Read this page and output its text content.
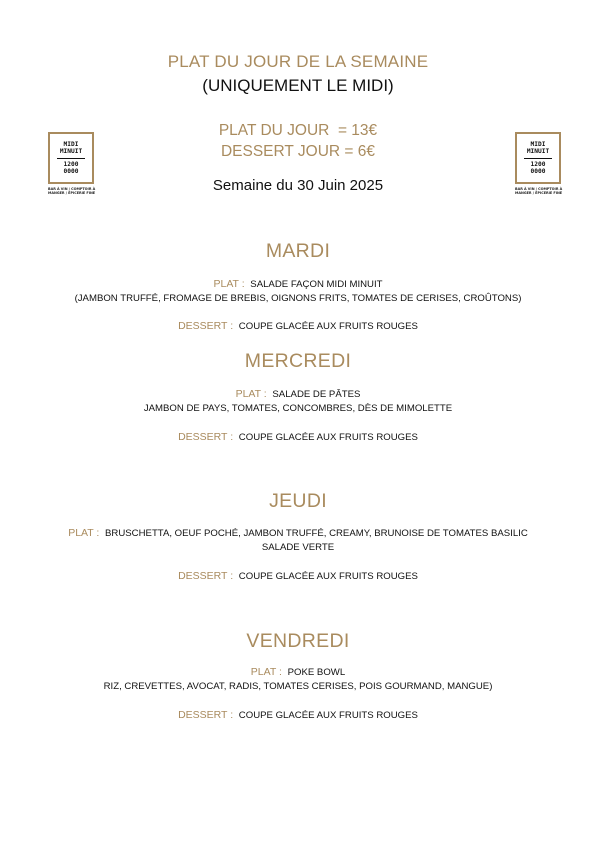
MIDI
MINUIT
1200
0000
BAR À VIN / COMPTOIR À
MANGER / ÉPICERIE FINE
MIDI
MINUIT
1200
0000
BAR À VIN / COMPTOIR À
MANGER / ÉPICERIE FINE
PLAT DU JOUR DE LA SEMAINE
(UNIQUEMENT LE MIDI)
PLAT DU JOUR  = 13€
DESSERT JOUR = 6€
Semaine du 30 Juin 2025
MARDI
PLAT : SALADE FAÇON MIDI MINUIT
(JAMBON TRUFFÉ, FROMAGE DE BREBIS, OIGNONS FRITS, TOMATES DE CERISES, CROÛTONS)
DESSERT : COUPE GLACÉE AUX FRUITS ROUGES
MERCREDI
PLAT : SALADE DE PÂTES
JAMBON DE PAYS, TOMATES, CONCOMBRES, DÈS DE MIMOLETTE
DESSERT : COUPE GLACÉE AUX FRUITS ROUGES
JEUDI
PLAT : BRUSCHETTA, OEUF POCHÉ, JAMBON TRUFFÉ, CREAMY, BRUNOISE DE TOMATES BASILIC
SALADE VERTE
DESSERT : COUPE GLACÉE AUX FRUITS ROUGES
VENDREDI
PLAT : POKE BOWL
RIZ, CREVETTES, AVOCAT, RADIS, TOMATES CERISES, POIS GOURMAND, MANGUE)
DESSERT : COUPE GLACÉE AUX FRUITS ROUGES
